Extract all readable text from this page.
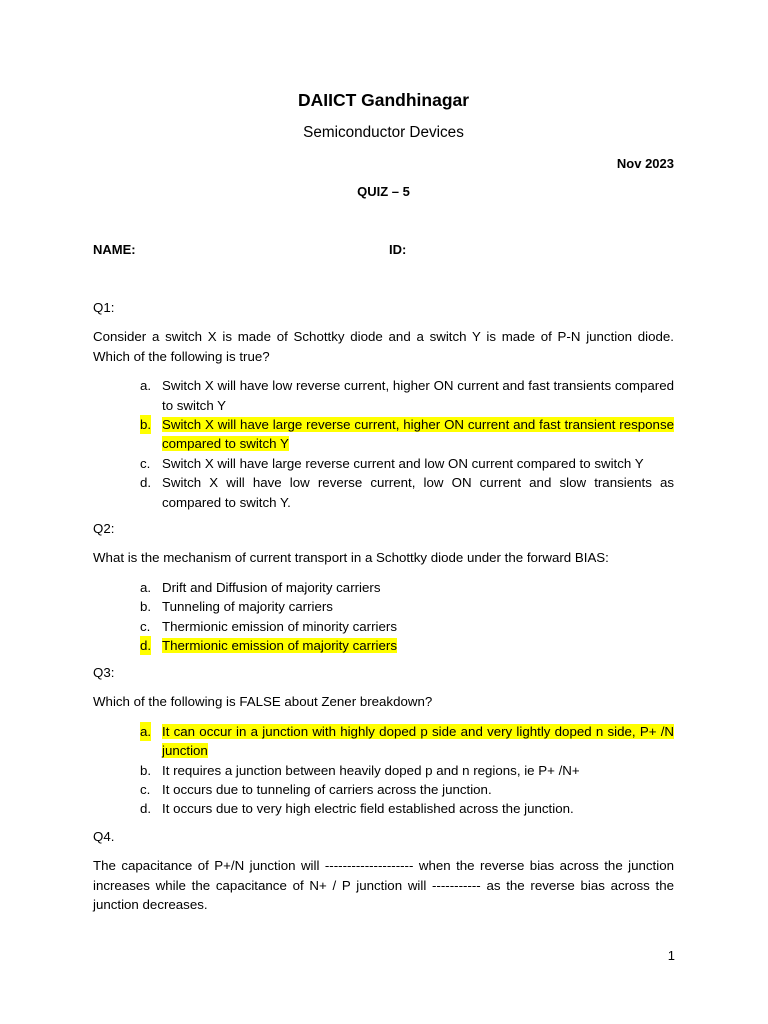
DAIICT Gandhinagar
Semiconductor Devices
Nov 2023
QUIZ – 5
NAME:	ID:

Q1:

Consider a switch X is made of Schottky diode and a switch Y is made of P-N junction diode. Which of the following is true?

a. Switch X will have low reverse current, higher ON current and fast transients compared to switch Y
b. Switch X will have large reverse current, higher ON current and fast transient response compared to switch Y
c. Switch X will have large reverse current and low ON current compared to switch Y
d. Switch X will have low reverse current, low ON current and slow transients as compared to switch Y.

Q2:

What is the mechanism of current transport in a Schottky diode under the forward BIAS:

a. Drift and Diffusion of majority carriers
b. Tunneling of majority carriers
c. Thermionic emission of minority carriers
d. Thermionic emission of majority carriers

Q3:

Which of the following is FALSE about Zener breakdown?

a. It can occur in a junction with highly doped p side and very lightly doped n side, P+ /N junction
b. It requires a junction between heavily doped p and n regions, ie P+ /N+
c. It occurs due to tunneling of carriers across the junction.
d. It occurs due to very high electric field established across the junction.

Q4.

The capacitance of P+/N junction will -------------------- when the reverse bias across the junction increases while the capacitance of N+ / P junction will ----------- as the reverse bias across the junction decreases.

1
